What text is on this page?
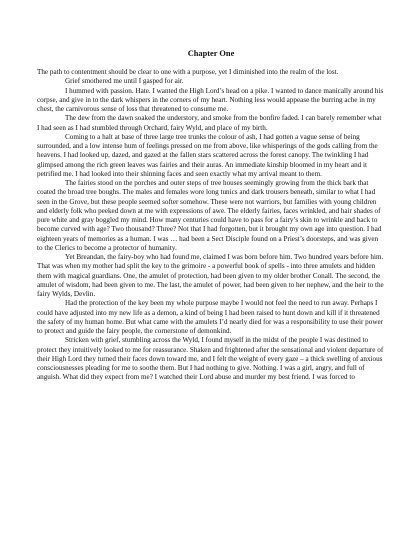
Chapter One

The path to contentment should be clear to one with a purpose, yet I diminished into the realm of the lost.

Grief smothered me until I gasped for air.

I hummed with passion. Hate. I wanted the High Lord’s head on a pike. I wanted to dance manically around his corpse, and give in to the dark whispers in the corners of my heart. Nothing less would appease the burring ache in my chest, the carnivorous sense of loss that threatened to consume me.

The dew from the dawn soaked the understory, and smoke from the bonfire faded. I can barely remember what I had seen as I had stumbled through Orchard, fairy Wyld, and place of my birth.

Coming to a halt at base of three large tree trunks the colour of ash, I had gotten a vague sense of being surrounded, and a low intense hum of feelings pressed on me from above, like whisperings of the gods calling from the heavens. I had looked up, dazed, and gazed at the fallen stars scattered across the forest canopy. The twinkling I had glimpsed among the rich green leaves was fairies and their auras. An immediate kinship bloomed in my heart and it petrified me. I had looked into their shinning faces and seen exactly what my arrival meant to them.

The fairies stood on the porches and outer steps of tree houses seemingly growing from the thick bark that coated the broad tree boughs. The males and females wore long tunics and dark trousers beneath, similar to what I had seen in the Grove, but these people seemed softer somehow. These were not warriors, but families with young children and elderly folk who peeked down at me with expressions of awe. The elderly fairies, faces wrinkled, and hair shades of pure white and gray boggled my mind. How many centuries could have to pass for a fairy’s skin to wrinkle and back to become curved with age? Two thousand? Three? Not that I had forgotten, but it brought my own age into question. I had eighteen years of memories as a human. I was … had been a Sect Disciple found on a Priest’s doorsteps, and was given to the Clerics to become a protector of humanity.

Yet Breandan, the fairy-boy who had found me, claimed I was born before him. Two hundred years before him. That was when my mother had split the key to the grimoire - a powerful book of spells - into three amulets and hidden them with magical guardians. One, the amulet of protection, had been given to my older brother Conall. The second, the amulet of wisdom, had been given to me. The last, the amulet of power, had been given to her nephew, and the heir to the fairy Wylds, Devlin.

Had the protection of the key been my whole purpose maybe I would not feel the need to run away. Perhaps I could have adjusted into my new life as a demon, a kind of being I had been raised to hunt down and kill if it threatened the safety of my human home. But what came with the amulets I’d nearly died for was a responsibility to use their power to protect and guide the fairy people, the cornerstone of demonkind.

Stricken with grief, stumbling across the Wyld, I found myself in the midst of the people I was destined to protect they intuitively looked to me for reassurance. Shaken and frightened after the sensational and violent departure of their High Lord they turned their faces down toward me, and I felt the weight of every gaze – a thick swelling of anxious consciousnesses pleading for me to soothe them. But I had nothing to give. Nothing. I was a girl, angry, and full of anguish. What did they expect from me? I watched their Lord abuse and murder my best friend. I was forced to
